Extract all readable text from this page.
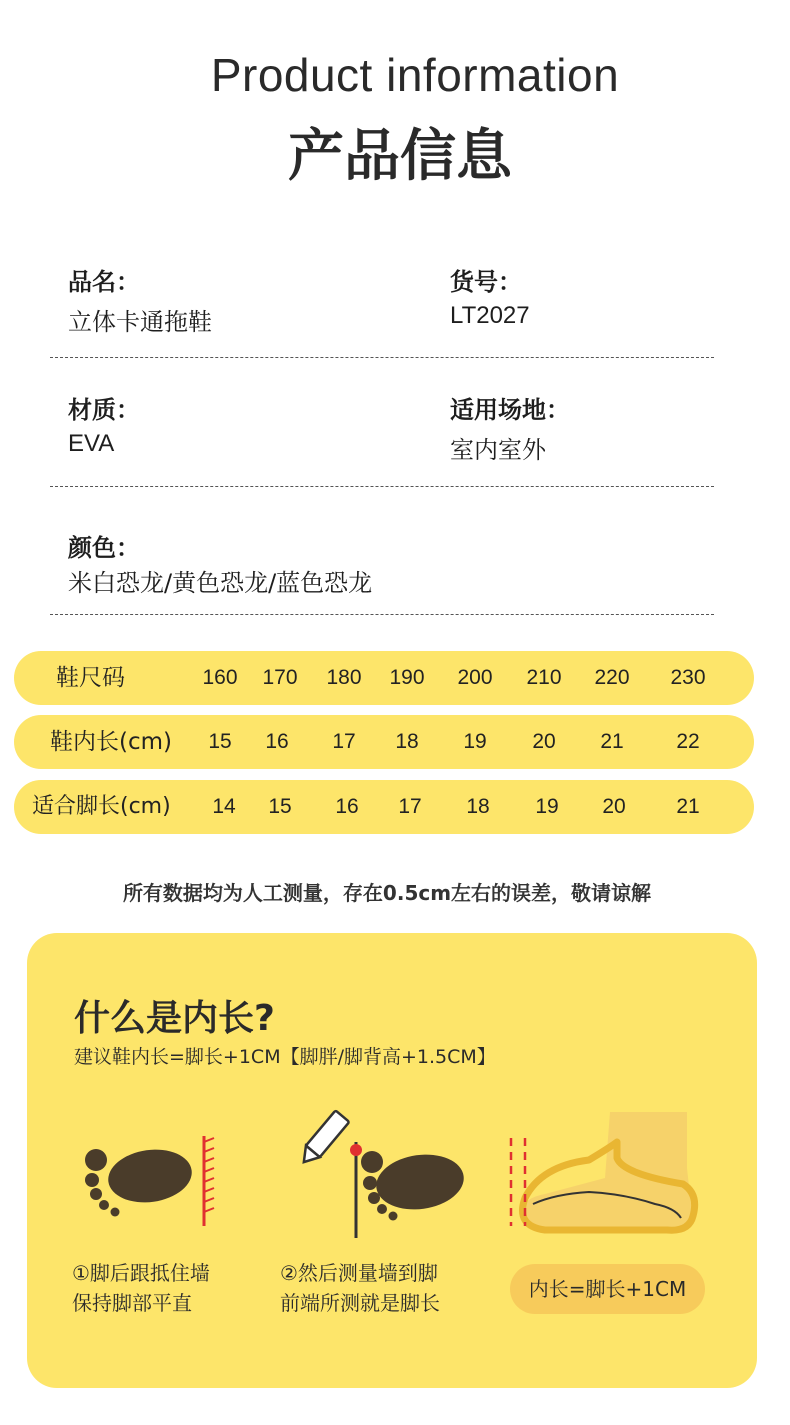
Product information
产品信息
品名：
立体卡通拖鞋
货号：
LT2027
材质：
EVA
适用场地：
室内室外
颜色：
米白恐龙/黄色恐龙/蓝色恐龙
鞋尺码	160	170	180	190	200	210	220	230
鞋内长(cm)	15	16	17	18	19	20	21	22
适合脚长(cm)	14	15	16	17	18	19	20	21
所有数据均为人工测量，存在0.5cm左右的误差，敬请谅解
什么是内长?
建议鞋内长=脚长+1CM【脚胖/脚背高+1.5CM】
①脚后跟抵住墙
保持脚部平直
②然后测量墙到脚
前端所测就是脚长
内长=脚长+1CM
